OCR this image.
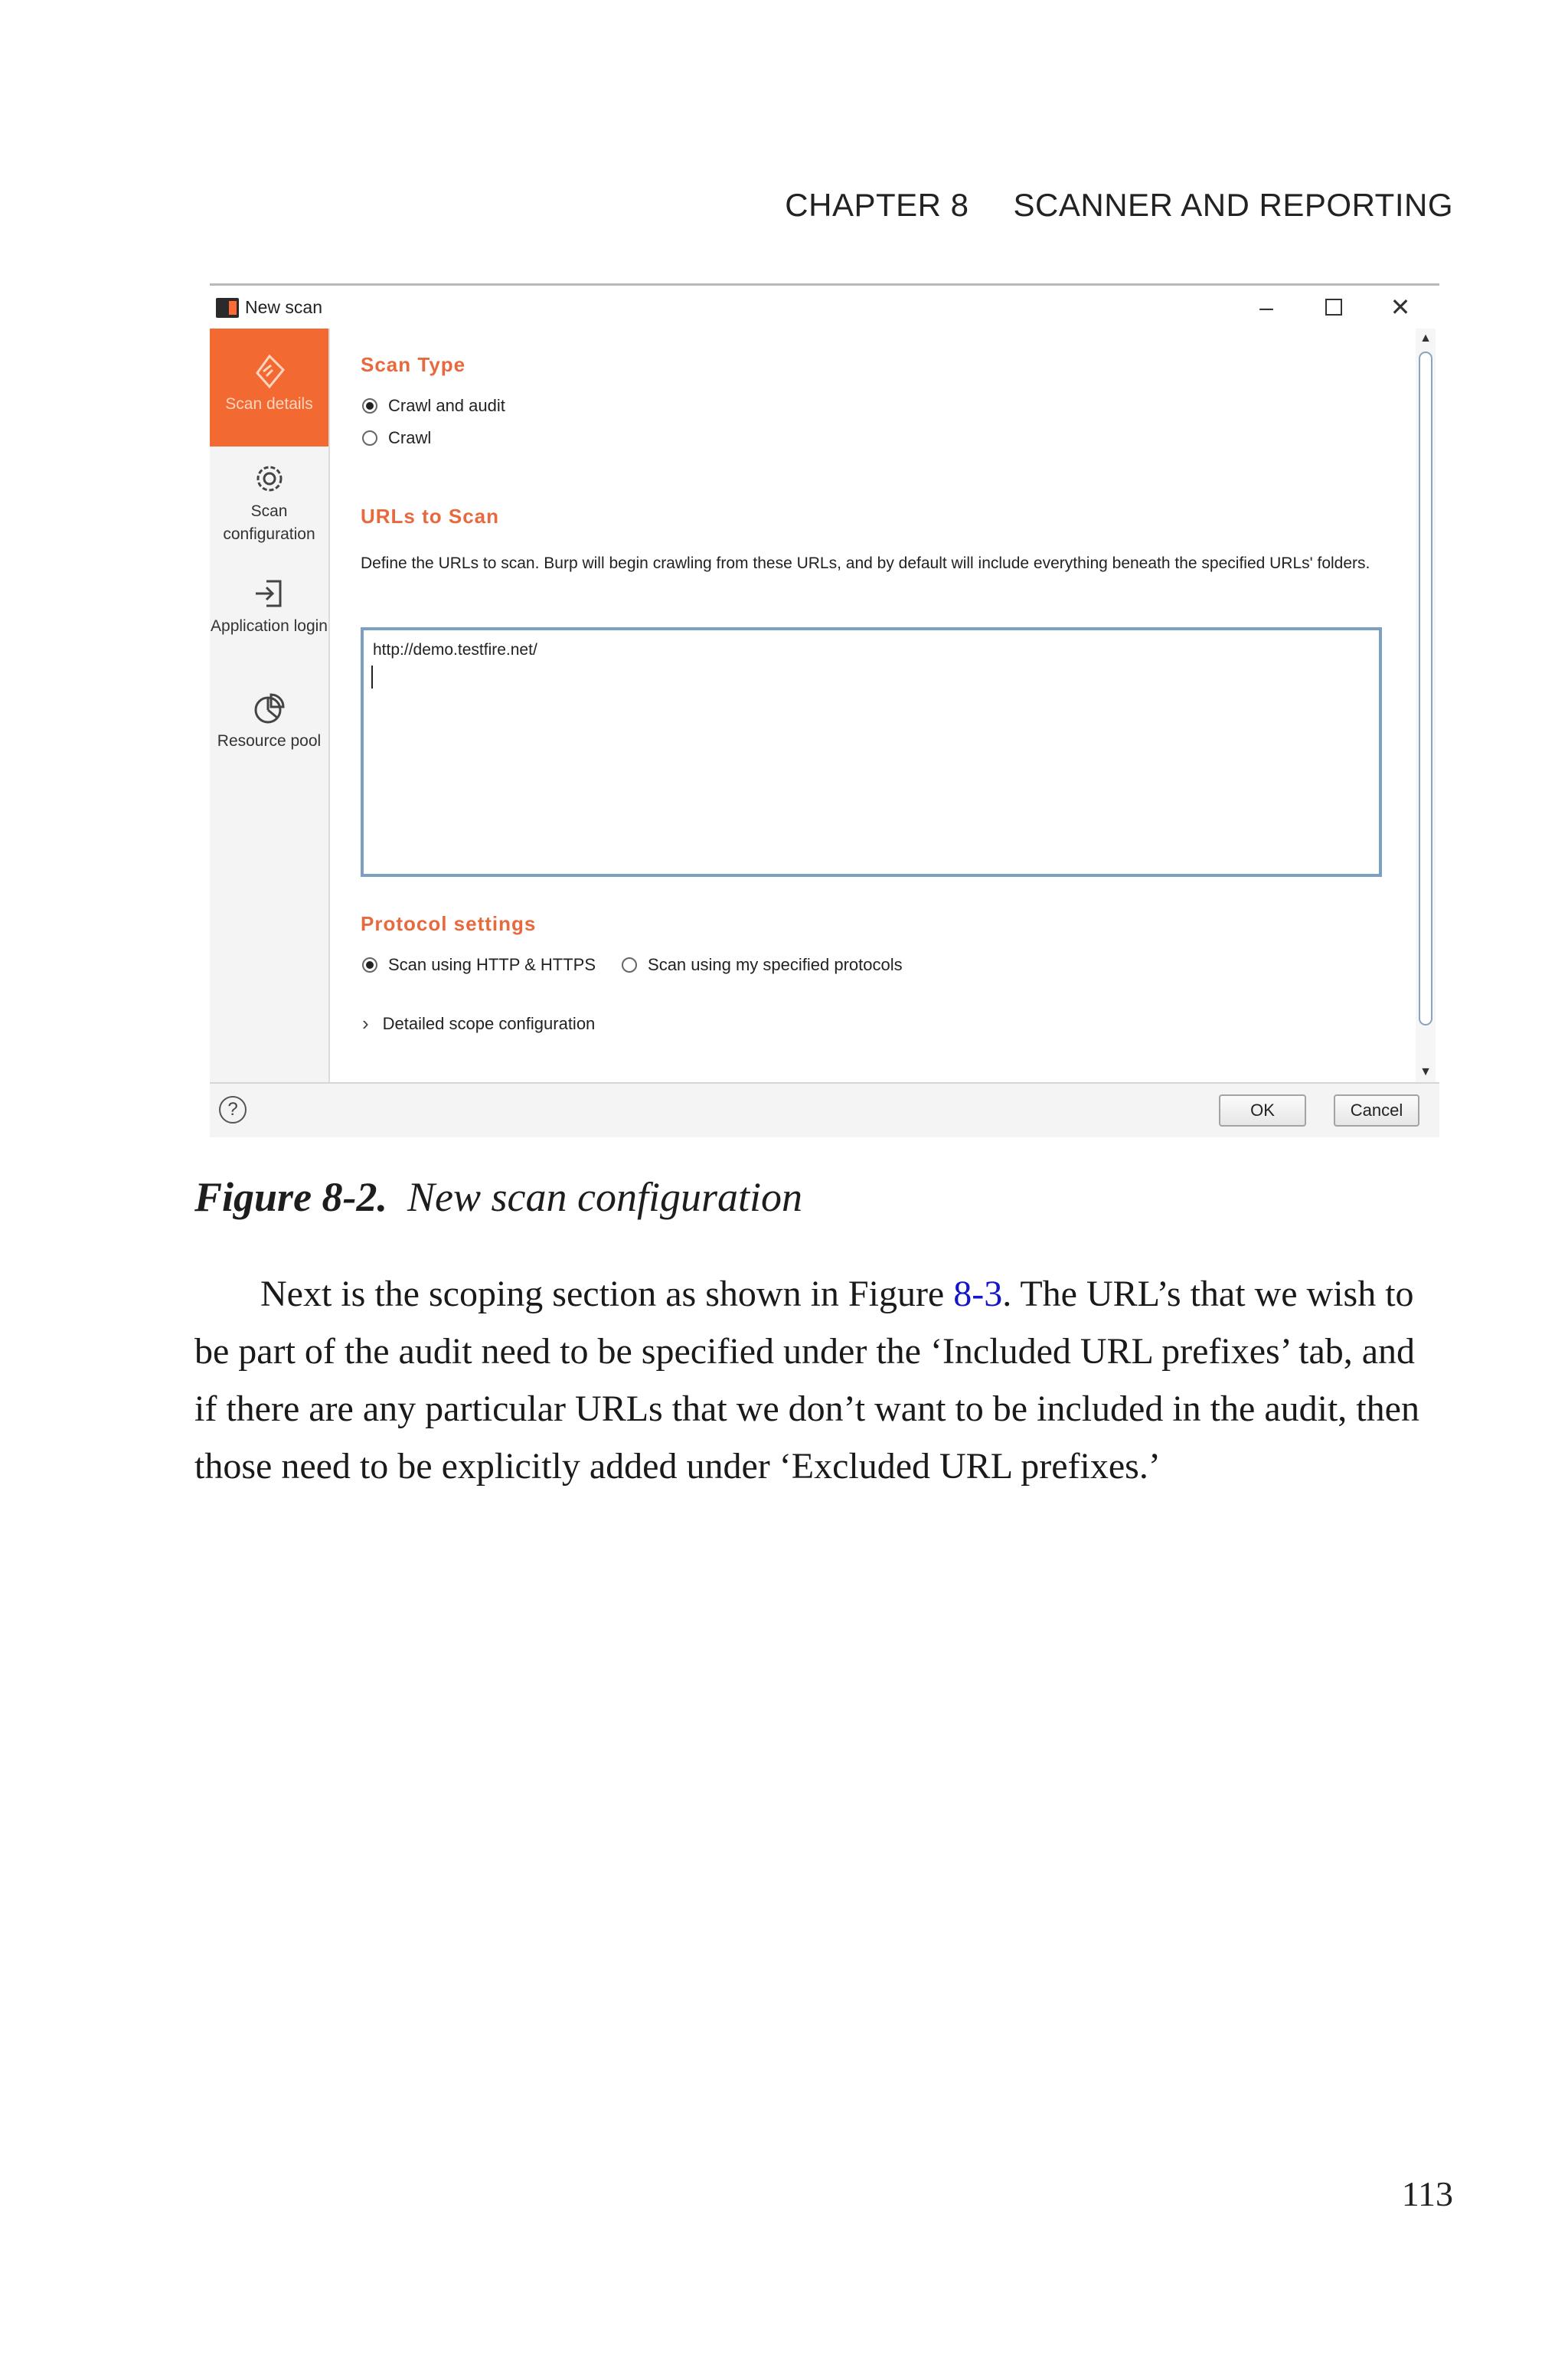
CHAPTER 8 SCANNER AND REPORTING
New scan	–	✕
Scan details
Scan configuration
Application login
Resource pool
Scan Type
Crawl and audit
Crawl
URLs to Scan
Define the URLs to scan. Burp will begin crawling from these URLs, and by default will include everything beneath the specified URLs' folders.
http://demo.testfire.net/
Protocol settings
Scan using HTTP & HTTPS	Scan using my specified protocols
› Detailed scope configuration
▲
▼
?	OK	Cancel
Figure 8-2. New scan configuration

Next is the scoping section as shown in Figure 8-3. The URL’s that we wish to be part of the audit need to be specified under the ‘Included URL prefixes’ tab, and if there are any particular URLs that we don’t want to be included in the audit, then those need to be explicitly added under ‘Excluded URL prefixes.’

113
